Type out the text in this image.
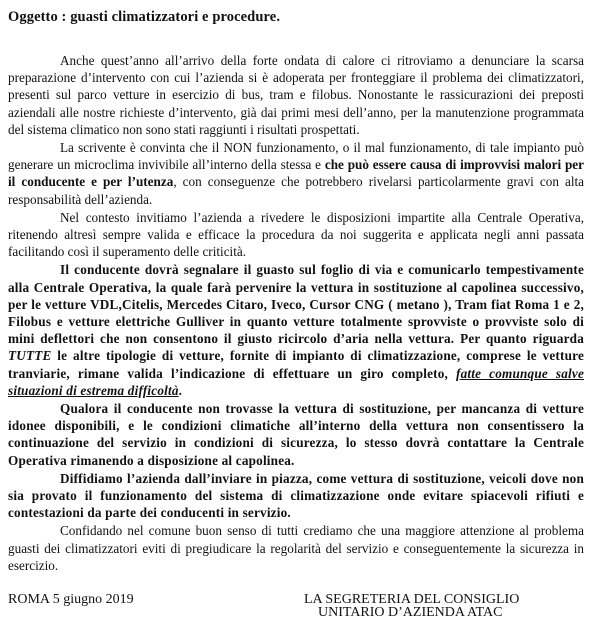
Oggetto : guasti climatizzatori e procedure.

Anche quest’anno all’arrivo della forte ondata di calore ci ritroviamo a denunciare la scarsa preparazione d’intervento con cui l’azienda si è adoperata per fronteggiare il problema dei climatizzatori, presenti sul parco vetture in esercizio di bus, tram e filobus. Nonostante le rassicurazioni dei preposti aziendali alle nostre richieste d’intervento, già dai primi mesi dell’anno, per la manutenzione programmata del sistema climatico non sono stati raggiunti i risultati prospettati.

La scrivente è convinta che il NON funzionamento, o il mal funzionamento, di tale impianto può generare un microclima invivibile all’interno della stessa e che può essere causa di improvvisi malori per il conducente e per l’utenza, con conseguenze che potrebbero rivelarsi particolarmente gravi con alta responsabilità dell’azienda.

Nel contesto invitiamo l’azienda a rivedere le disposizioni impartite alla Centrale Operativa, ritenendo altresì sempre valida e efficace la procedura da noi suggerita e applicata negli anni passata facilitando così il superamento delle criticità.

Il conducente dovrà segnalare il guasto sul foglio di via e comunicarlo tempestivamente alla Centrale Operativa, la quale farà pervenire la vettura in sostituzione al capolinea successivo, per le vetture VDL,Citelis, Mercedes Citaro, Iveco, Cursor CNG ( metano ), Tram fiat Roma 1 e 2, Filobus e vetture elettriche Gulliver in quanto vetture totalmente sprovviste o provviste solo di mini deflettori che non consentono il giusto ricircolo d’aria nella vettura. Per quanto riguarda TUTTE le altre tipologie di vetture, fornite di impianto di climatizzazione, comprese le vetture tranviarie, rimane valida l’indicazione di effettuare un giro completo, fatte comunque salve situazioni di estrema difficoltà.

Qualora il conducente non trovasse la vettura di sostituzione, per mancanza di vetture idonee disponibili, e le condizioni climatiche all’interno della vettura non consentissero la continuazione del servizio in condizioni di sicurezza, lo stesso dovrà contattare la Centrale Operativa rimanendo a disposizione al capolinea.

Diffidiamo l’azienda dall’inviare in piazza, come vettura di sostituzione, veicoli dove non sia provato il funzionamento del sistema di climatizzazione onde evitare spiacevoli rifiuti e contestazioni da parte dei conducenti in servizio.

Confidando nel comune buon senso di tutti crediamo che una maggiore attenzione al problema guasti dei climatizzatori eviti di pregiudicare la regolarità del servizio e conseguentemente la sicurezza in esercizio.

ROMA 5 giugno 2019	LA SEGRETERIA DEL CONSIGLIO
UNITARIO D’AZIENDA ATAC
